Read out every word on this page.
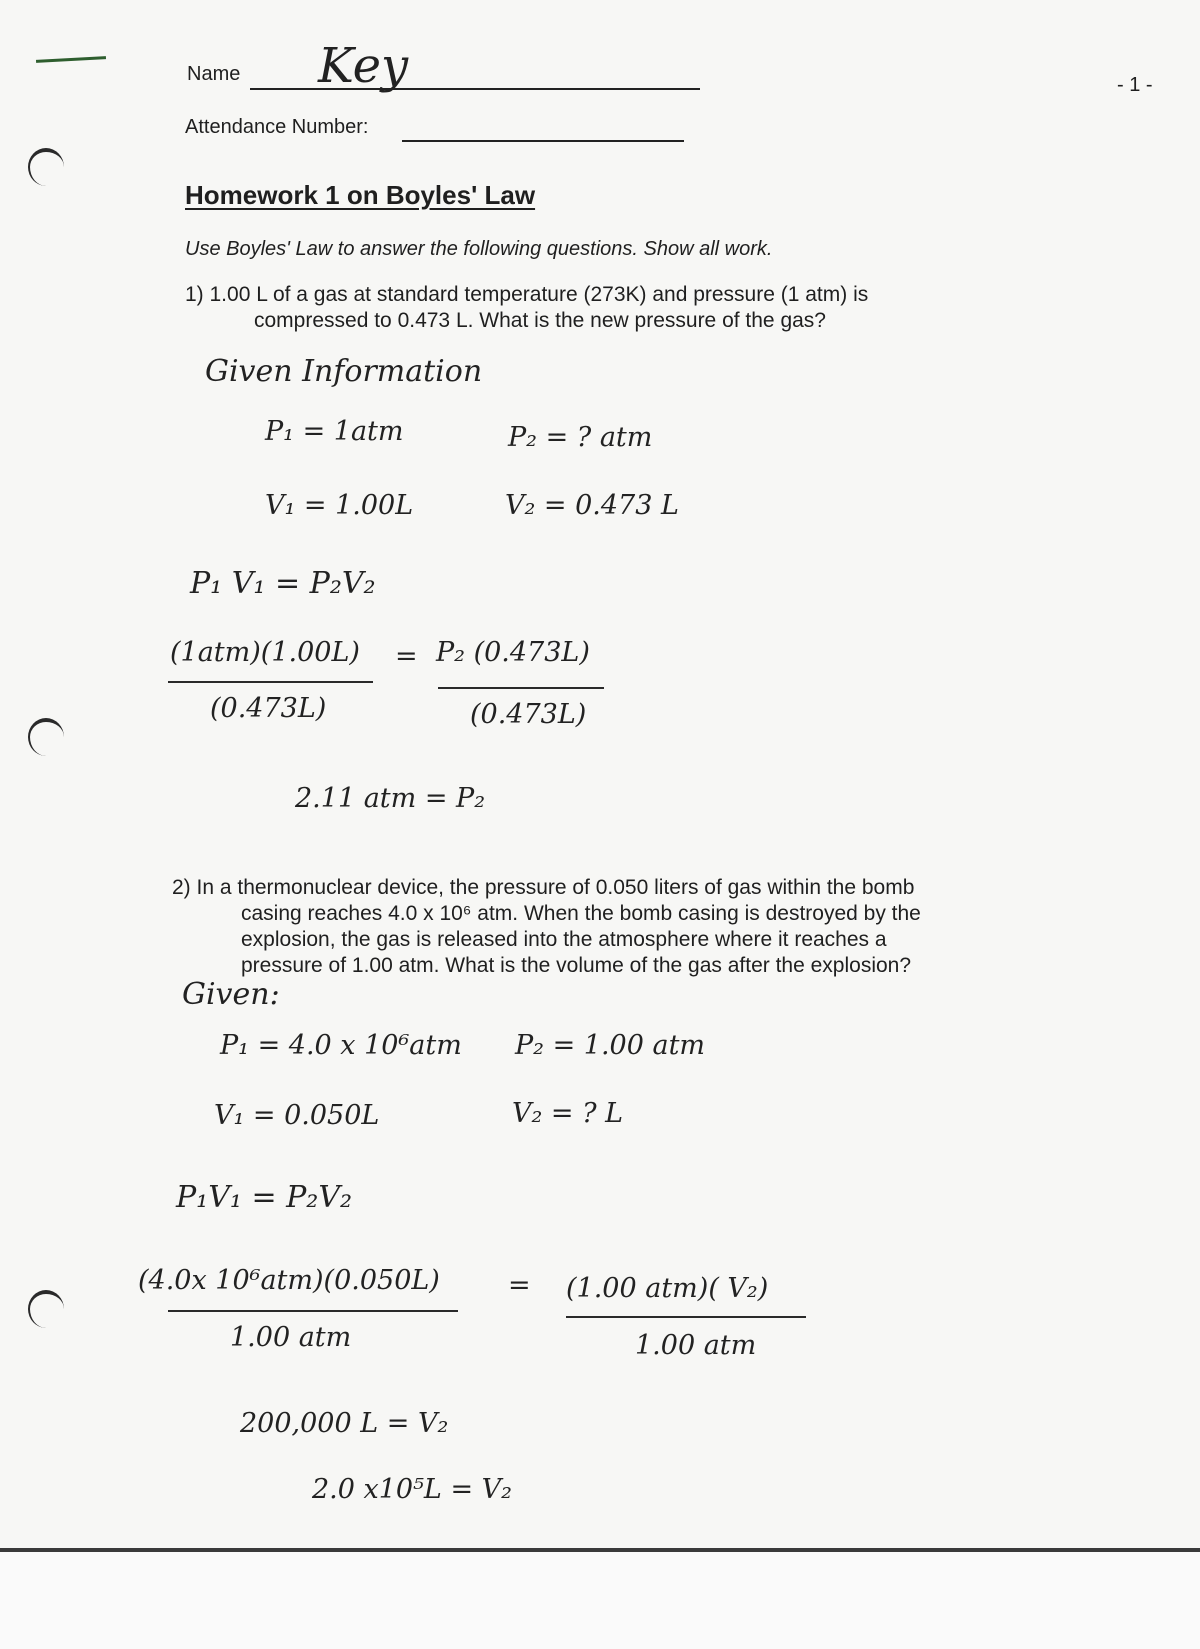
Name Key	- 1 -
Attendance Number:
Homework 1 on Boyles' Law
Use Boyles' Law to answer the following questions. Show all work.
1) 1.00 L of a gas at standard temperature (273K) and pressure (1 atm) is
compressed to 0.473 L. What is the new pressure of the gas?
Given Information
P₁ = 1atm	P₂ = ? atm
V₁ = 1.00L	V₂ = 0.473 L
P₁ V₁ = P₂V₂
(1atm)(1.00L) = P₂ (0.473L)
(0.473L)	(0.473L)
2.11 atm = P₂
2) In a thermonuclear device, the pressure of 0.050 liters of gas within the bomb
casing reaches 4.0 x 10⁶ atm. When the bomb casing is destroyed by the
explosion, the gas is released into the atmosphere where it reaches a
pressure of 1.00 atm. What is the volume of the gas after the explosion?
Given:
P₁ = 4.0 x 10⁶atm P₂ = 1.00 atm
V₁ = 0.050L	V₂ = ? L
P₁V₁ = P₂V₂
(4.0x 10⁶atm)(0.050L)	= (1.00 atm)( V₂)
1.00 atm	1.00 atm
200,000 L = V₂
2.0 x10⁵L = V₂
